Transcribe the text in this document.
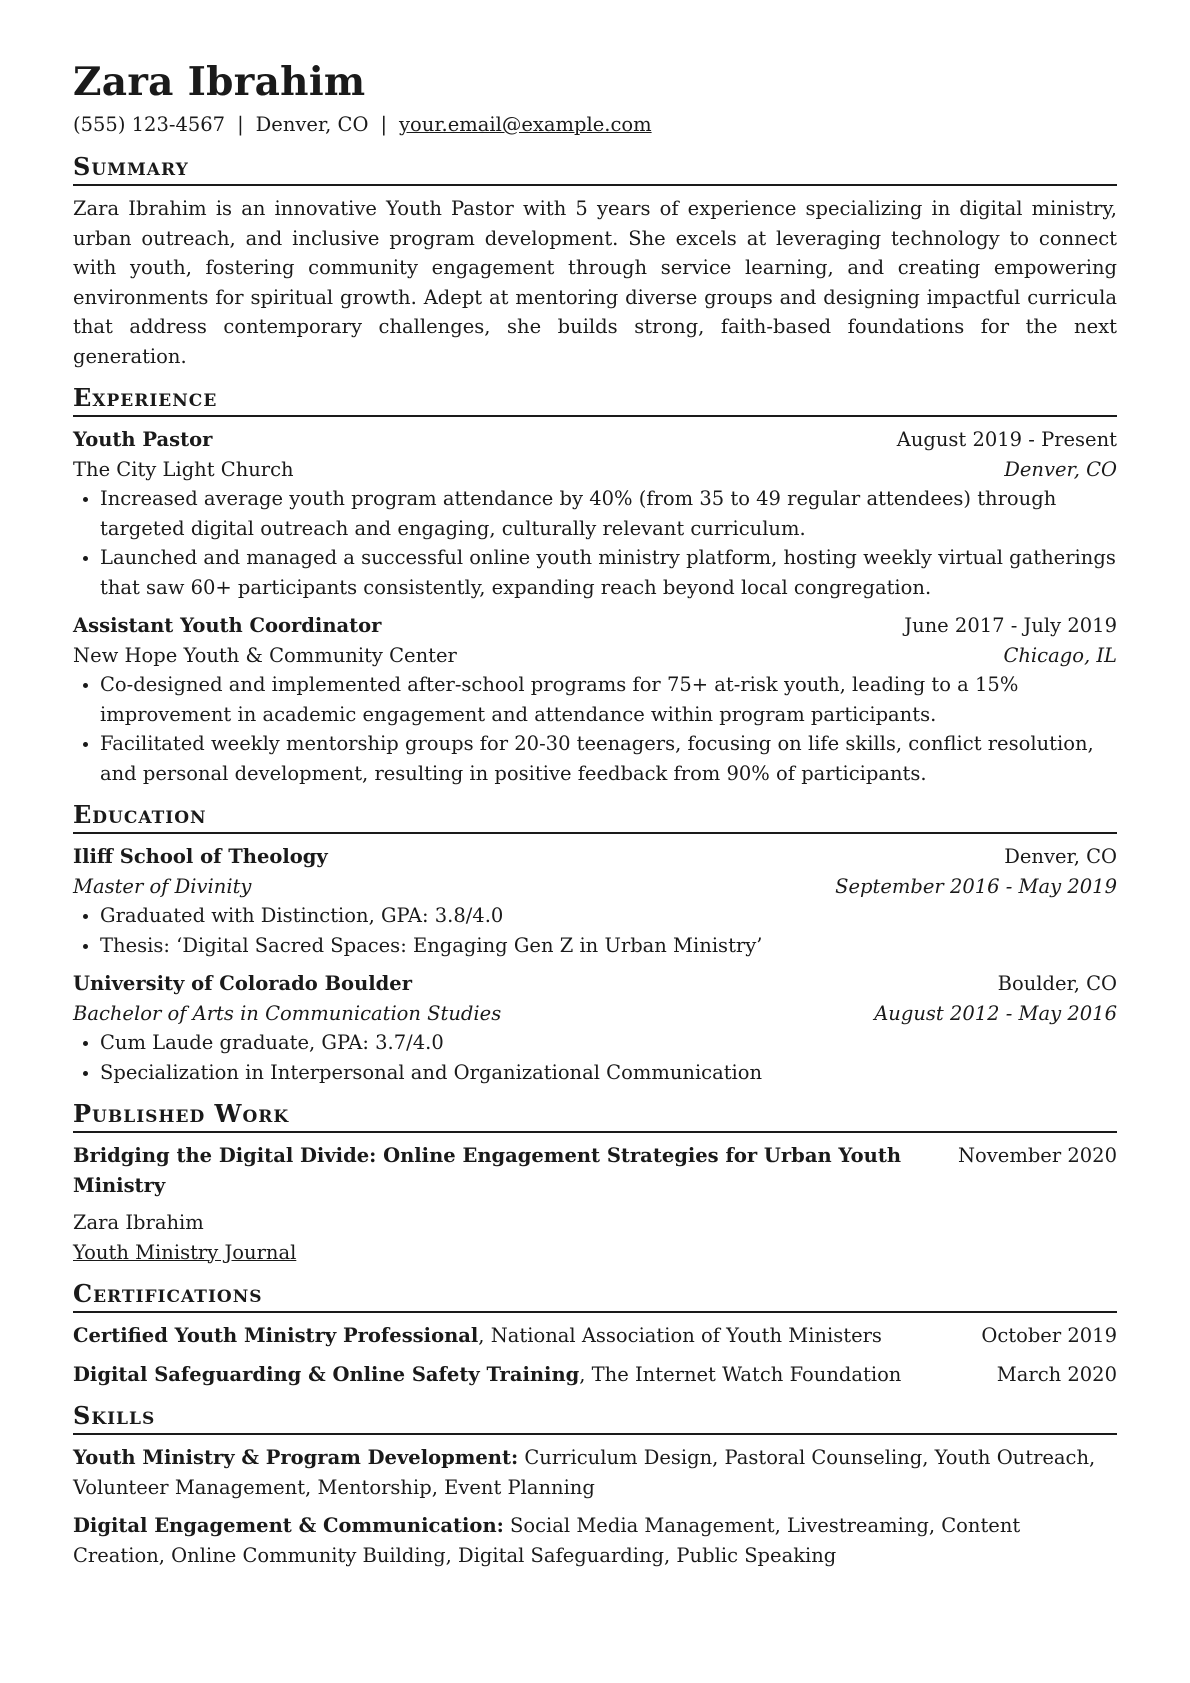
Zara Ibrahim
(555) 123-4567 | Denver, CO | your.email@example.com
Summary

Zara Ibrahim is an innovative Youth Pastor with 5 years of experience specializing in digital ministry, urban outreach, and inclusive program development. She excels at leveraging technology to connect with youth, fostering community engagement through service learning, and creating empowering environments for spiritual growth. Adept at mentoring diverse groups and designing impactful curricula that address contemporary challenges, she builds strong, faith-based foundations for the next generation.

Experience
Youth Pastor	August 2019 - Present
The City Light Church	Denver, CO
• Increased average youth program attendance by 40% (from 35 to 49 regular attendees) through targeted digital outreach and engaging, culturally relevant curriculum.
• Launched and managed a successful online youth ministry platform, hosting weekly virtual gatherings that saw 60+ participants consistently, expanding reach beyond local congregation.
Assistant Youth Coordinator	June 2017 - July 2019
New Hope Youth & Community Center	Chicago, IL
• Co-designed and implemented after-school programs for 75+ at-risk youth, leading to a 15% improvement in academic engagement and attendance within program participants.
• Facilitated weekly mentorship groups for 20-30 teenagers, focusing on life skills, conflict resolution, and personal development, resulting in positive feedback from 90% of participants.
Education
Iliff School of Theology	Denver, CO
Master of Divinity	September 2016 - May 2019
• Graduated with Distinction, GPA: 3.8/4.0
• Thesis: ‘Digital Sacred Spaces: Engaging Gen Z in Urban Ministry’
University of Colorado Boulder	Boulder, CO
Bachelor of Arts in Communication Studies	August 2012 - May 2016
• Cum Laude graduate, GPA: 3.7/4.0
• Specialization in Interpersonal and Organizational Communication
Published Work
Bridging the Digital Divide: Online Engagement Strategies for Urban Youth Ministry
November 2020
Zara Ibrahim
Youth Ministry Journal
Certifications
Certified Youth Ministry Professional, National Association of Youth Ministers	October 2019
Digital Safeguarding & Online Safety Training, The Internet Watch Foundation	March 2020
Skills
Youth Ministry & Program Development: Curriculum Design, Pastoral Counseling, Youth Outreach, Volunteer Management, Mentorship, Event Planning
Digital Engagement & Communication: Social Media Management, Livestreaming, Content Creation, Online Community Building, Digital Safeguarding, Public Speaking
